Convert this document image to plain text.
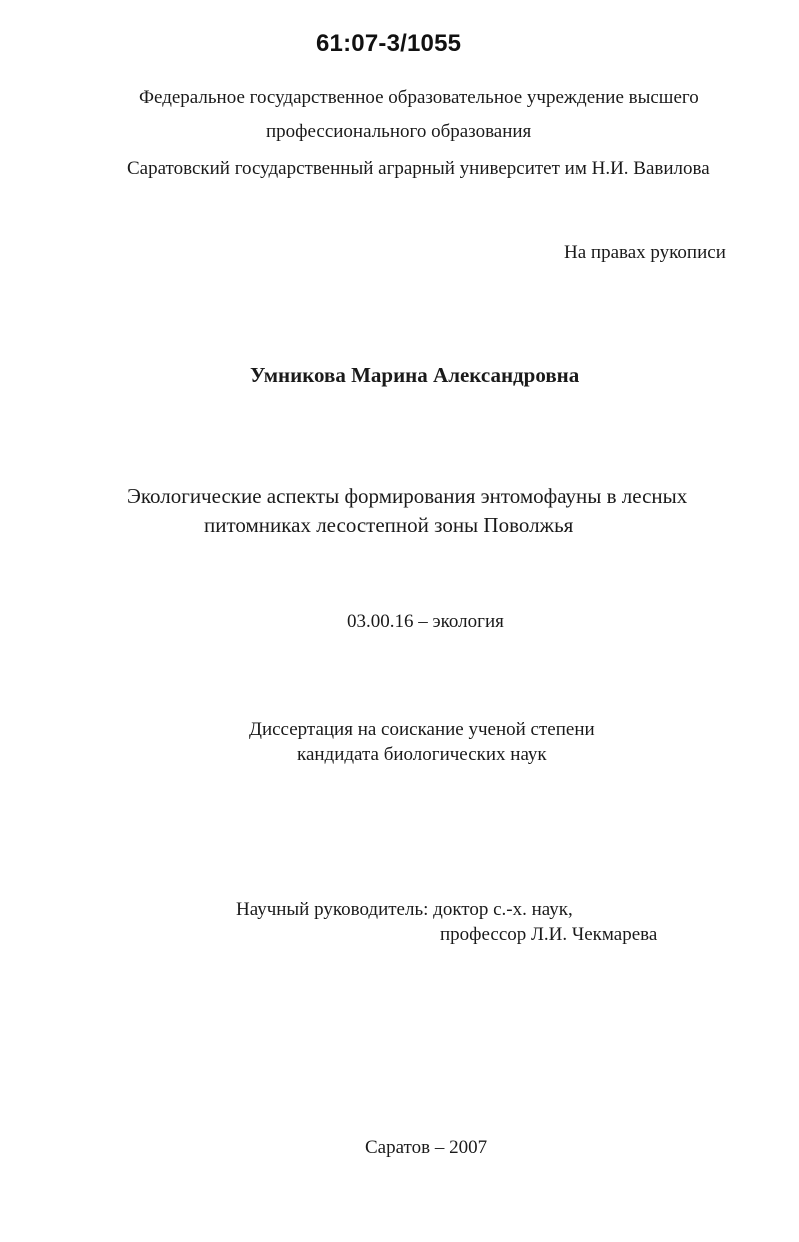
61:07-3/1055
Федеральное государственное образовательное учреждение высшего
профессионального образования
Саратовский государственный аграрный университет им Н.И. Вавилова
На правах рукописи
Умникова Марина Александровна
Экологические аспекты формирования энтомофауны в лесных
питомниках лесостепной зоны Поволжья
03.00.16 – экология
Диссертация на соискание ученой степени
кандидата биологических наук
Научный руководитель: доктор с.-х. наук,
профессор Л.И. Чекмарева
Саратов – 2007
